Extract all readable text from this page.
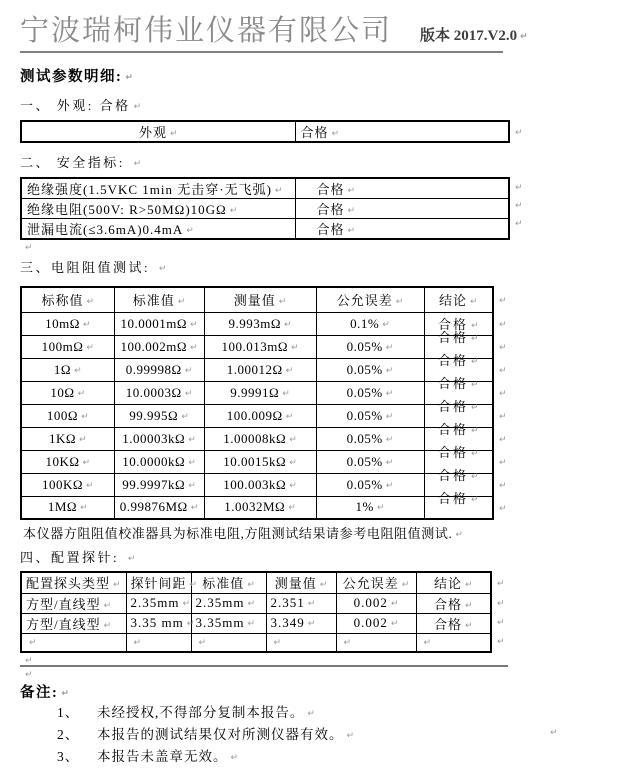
宁波瑞柯伟业仪器有限公司 版本 2017.V2.0 ↵
测试参数明细: ↵
一、 外观: 合格 ↵
外观 ↵	合格 ↵
↵
二、 安全指标:  ↵
绝缘强度(1.5VKC 1min 无击穿·无飞弧) ↵	合格 ↵
绝缘电阻(500V: R>50MΩ)10GΩ ↵	合格 ↵
泄漏电流(≤3.6mA)0.4mA ↵	合格 ↵
↵
↵
↵
↵
三、电阻阻值测试:  ↵
标称值 ↵	标准值 ↵	测量值 ↵	公允误差 ↵	结论 ↵
10mΩ ↵	10.0001mΩ ↵	9.993mΩ ↵	0.1% ↵	合格 ↵
100mΩ ↵	100.002mΩ ↵	100.013mΩ ↵	0.05% ↵	合格 ↵
1Ω ↵	0.99998Ω ↵	1.00012Ω ↵	0.05% ↵	合格 ↵
10Ω ↵	10.0003Ω ↵	9.9991Ω ↵	0.05% ↵	合格 ↵
100Ω ↵	99.995Ω ↵	100.009Ω ↵	0.05% ↵	合格 ↵
1KΩ ↵	1.00003kΩ ↵	1.00008kΩ ↵	0.05% ↵	合格 ↵
10KΩ ↵	10.0000kΩ ↵	10.0015kΩ ↵	0.05% ↵	合格 ↵
100KΩ ↵	99.9997kΩ ↵	100.003kΩ ↵	0.05% ↵	合格 ↵
1MΩ ↵	0.99876MΩ ↵	1.0032MΩ ↵	1% ↵	合格 ↵
↵
↵
↵
↵
↵
↵
↵
↵
↵
↵
本仪器方阻阻值校准器具为标准电阻,方阻测试结果请参考电阻阻值测试. ↵
四、配置探针:  ↵
配置探头类型 ↵	探针间距 ↵	标准值 ↵	测量值 ↵	公允误差 ↵	结论 ↵
方型/直线型 ↵	2.35mm ↵	2.35mm ↵	2.351 ↵	0.002 ↵	合格 ↵
方型/直线型 ↵	3.35 mm ↵	3.35mm ↵	3.349 ↵	0.002 ↵	合格 ↵
↵	↵	↵	↵	↵	↵
↵
↵
↵
↵
↵
↵
备注: ↵
1、	未经授权,不得部分复制本报告。 ↵
2、	本报告的测试结果仅对所测仪器有效。 ↵
3、	本报告未盖章无效。 ↵
↵
